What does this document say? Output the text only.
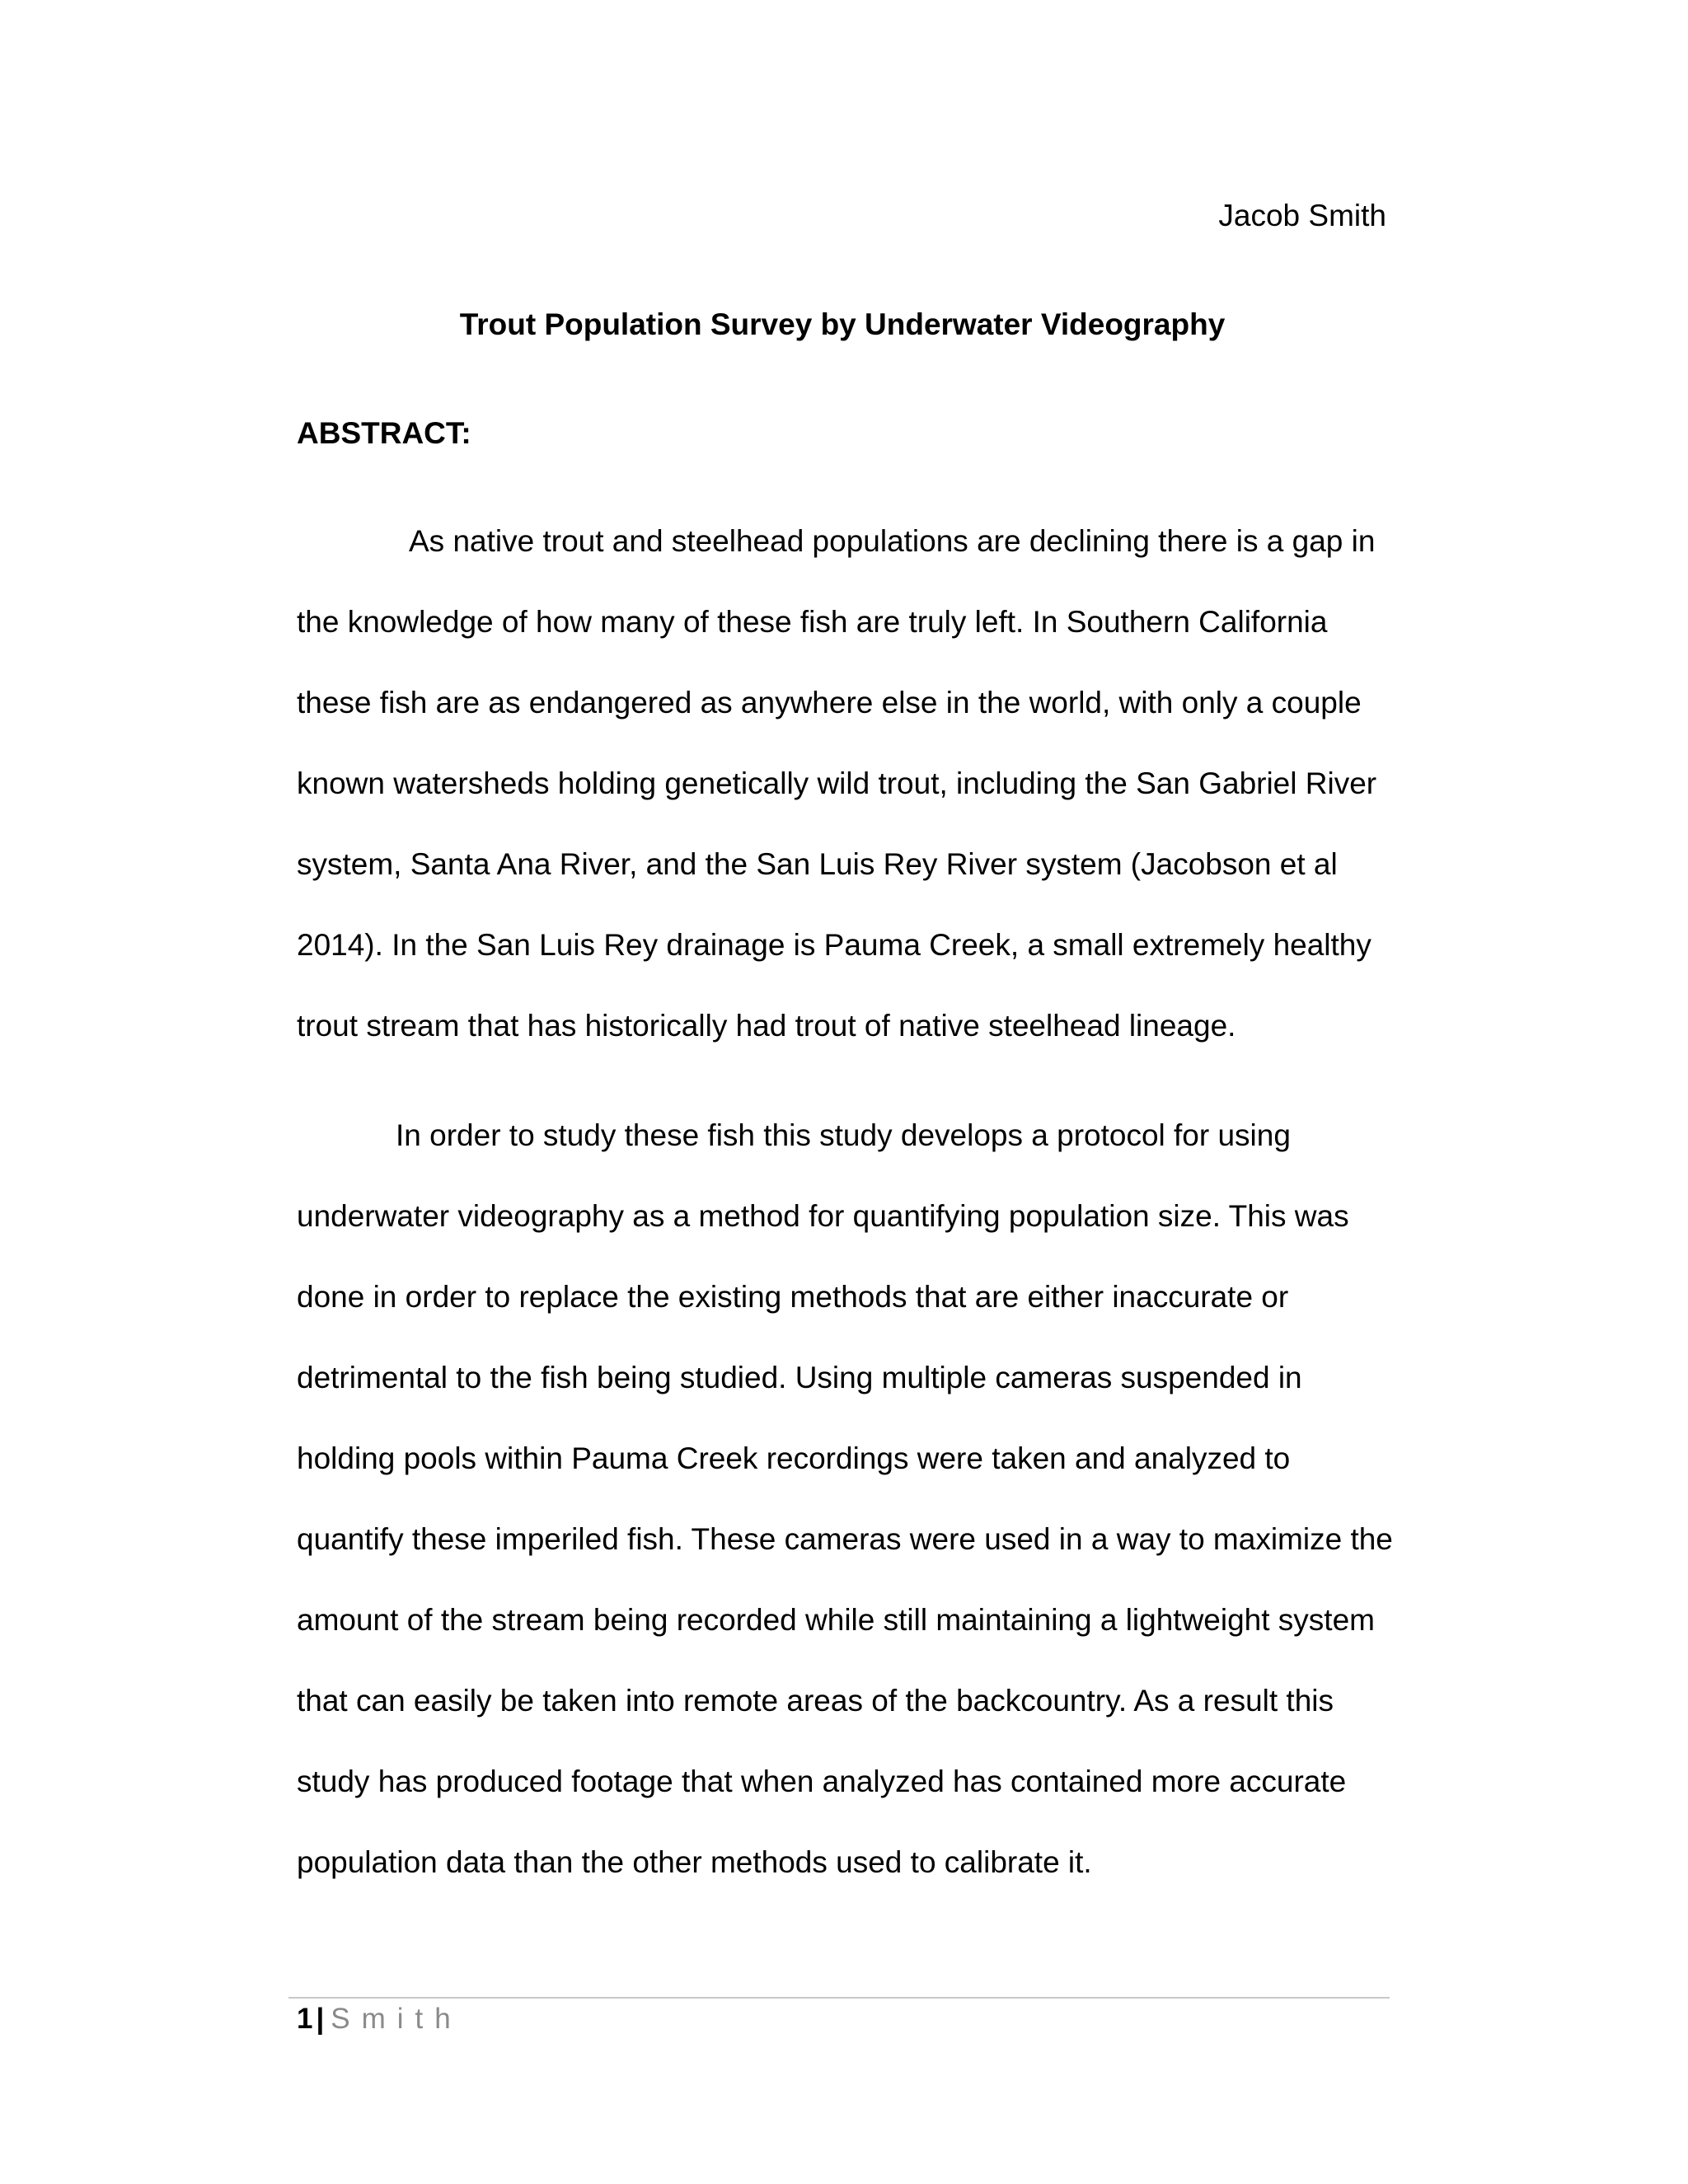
Jacob Smith
Trout Population Survey by Underwater Videography
ABSTRACT:

As native trout and steelhead populations are declining there is a gap in the knowledge of how many of these fish are truly left. In Southern California these fish are as endangered as anywhere else in the world, with only a couple known watersheds holding genetically wild trout, including the San Gabriel River system, Santa Ana River, and the San Luis Rey River system (Jacobson et al 2014). In the San Luis Rey drainage is Pauma Creek, a small extremely healthy trout stream that has historically had trout of native steelhead lineage.

In order to study these fish this study develops a protocol for using underwater videography as a method for quantifying population size. This was done in order to replace the existing methods that are either inaccurate or detrimental to the fish being studied. Using multiple cameras suspended in holding pools within Pauma Creek recordings were taken and analyzed to quantify these imperiled fish. These cameras were used in a way to maximize the amount of the stream being recorded while still maintaining a lightweight system that can easily be taken into remote areas of the backcountry. As a result this study has produced footage that when analyzed has contained more accurate population data than the other methods used to calibrate it.

1 | Smith
